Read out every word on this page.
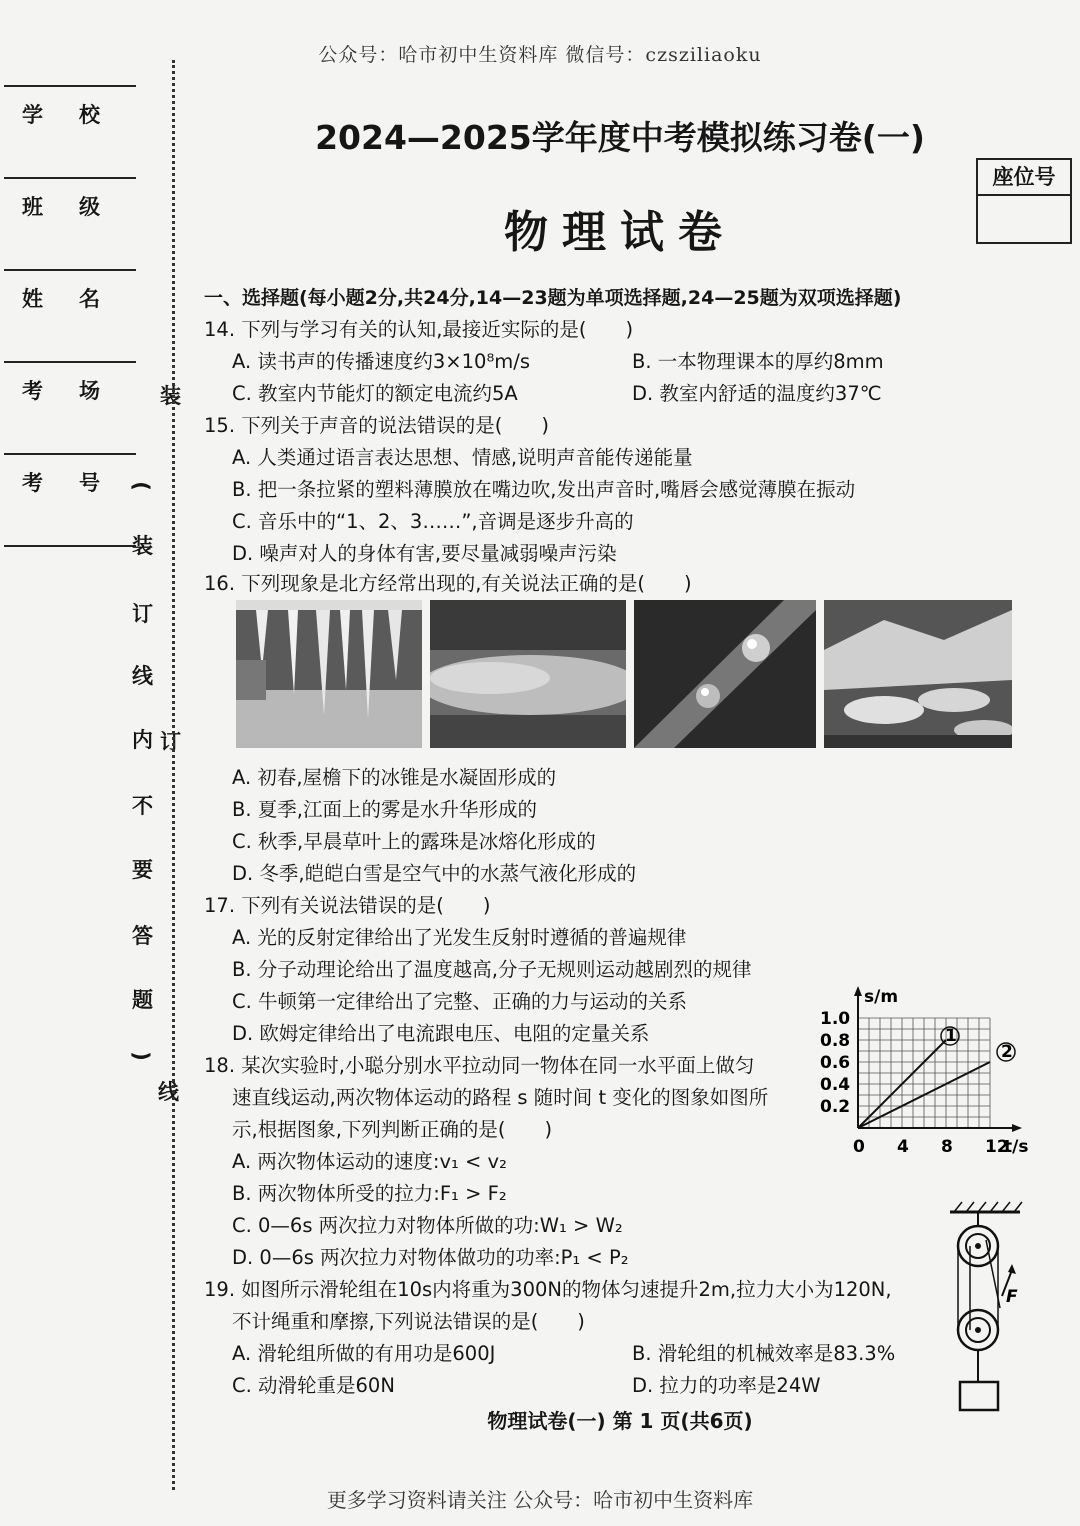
公众号：哈市初中生资料库 微信号：czsziliaoku
学校
班级
姓名
考场
考号
装
订
线
内
不
要
答
题
(
)
装
订
线
座位号
2024—2025学年度中考模拟练习卷(一)
物理试卷
一、选择题(每小题2分,共24分,14—23题为单项选择题,24—25题为双项选择题)
14. 下列与学习有关的认知,最接近实际的是(　　)
A. 读书声的传播速度约3×10⁸m/s	B. 一本物理课本的厚约8mm
C. 教室内节能灯的额定电流约5A	D. 教室内舒适的温度约37℃
15. 下列关于声音的说法错误的是(　　)
A. 人类通过语言表达思想、情感,说明声音能传递能量
B. 把一条拉紧的塑料薄膜放在嘴边吹,发出声音时,嘴唇会感觉薄膜在振动
C. 音乐中的“1、2、3……”,音调是逐步升高的
D. 噪声对人的身体有害,要尽量减弱噪声污染
16. 下列现象是北方经常出现的,有关说法正确的是(　　)
A. 初春,屋檐下的冰锥是水凝固形成的
B. 夏季,江面上的雾是水升华形成的
C. 秋季,早晨草叶上的露珠是冰熔化形成的
D. 冬季,皑皑白雪是空气中的水蒸气液化形成的
17. 下列有关说法错误的是(　　)
A. 光的反射定律给出了光发生反射时遵循的普遍规律
B. 分子动理论给出了温度越高,分子无规则运动越剧烈的规律
C. 牛顿第一定律给出了完整、正确的力与运动的关系
D. 欧姆定律给出了电流跟电压、电阻的定量关系
18. 某次实验时,小聪分别水平拉动同一物体在同一水平面上做匀
速直线运动,两次物体运动的路程 s 随时间 t 变化的图象如图所
示,根据图象,下列判断正确的是(　　)
A. 两次物体运动的速度:v₁ < v₂
B. 两次物体所受的拉力:F₁ > F₂
C. 0—6s 两次拉力对物体所做的功:W₁ > W₂
D. 0—6s 两次拉力对物体做功的功率:P₁ < P₂
s/m
t/s
0 4 8 12
0.2
0.4
0.6
0.8
1.0
1
2
19. 如图所示滑轮组在10s内将重为300N的物体匀速提升2m,拉力大小为120N,
不计绳重和摩擦,下列说法错误的是(　　)
A. 滑轮组所做的有用功是600J	B. 滑轮组的机械效率是83.3%
C. 动滑轮重是60N	D. 拉力的功率是24W
F
物理试卷(一) 第 1 页(共6页)
更多学习资料请关注 公众号：哈市初中生资料库
